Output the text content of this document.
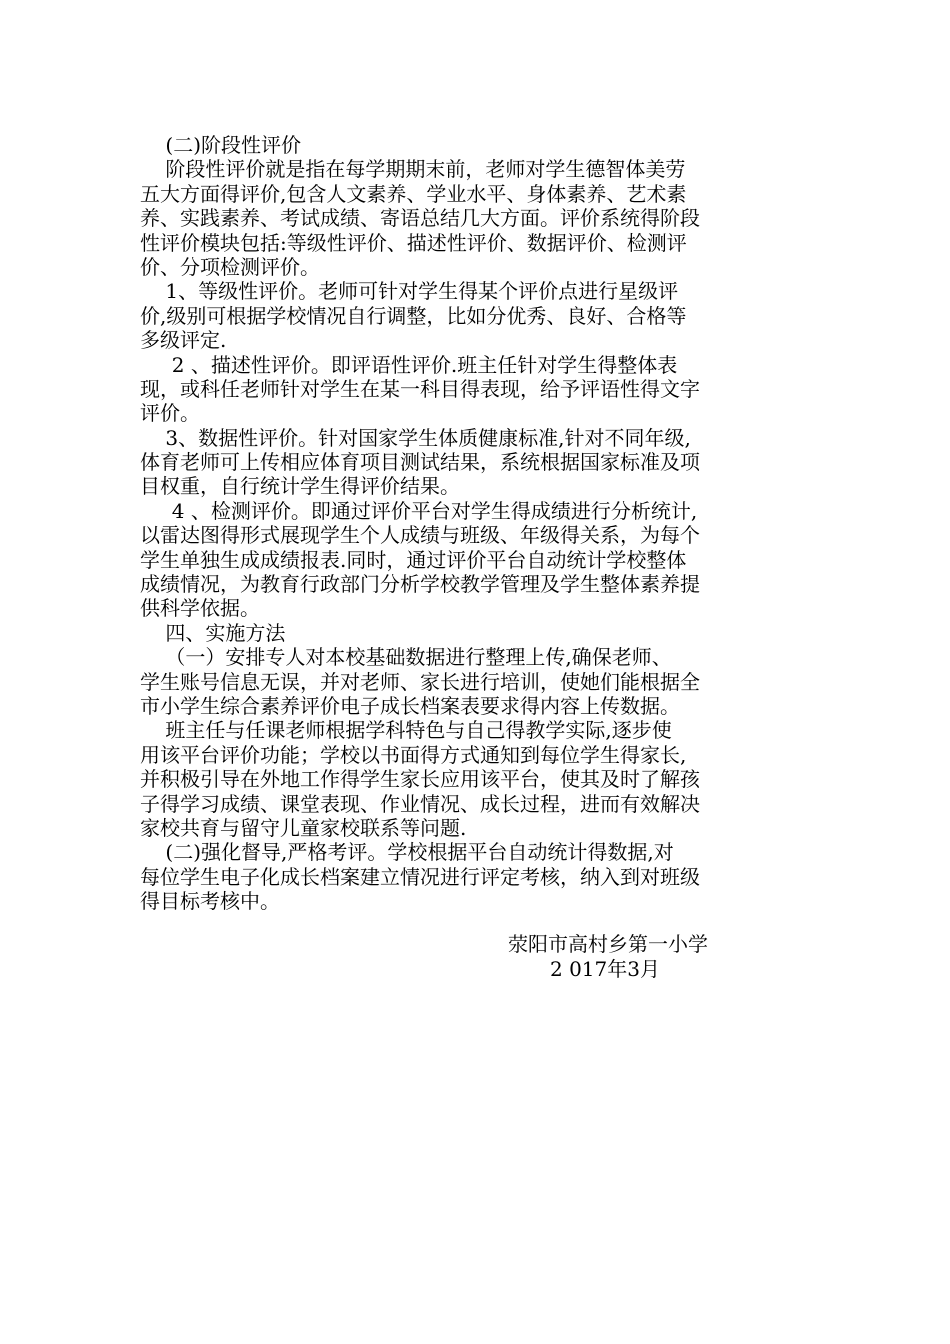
(二)阶段性评价
阶段性评价就是指在每学期期末前，老师对学生德智体美劳
五大方面得评价,包含人文素养、学业水平、身体素养、艺术素
养、实践素养、考试成绩、寄语总结几大方面。评价系统得阶段
性评价模块包括:等级性评价、描述性评价、数据评价、检测评
价、分项检测评价。
1、等级性评价。老师可针对学生得某个评价点进行星级评
价,级别可根据学校情况自行调整，比如分优秀、良好、合格等
多级评定.
2 、描述性评价。即评语性评价.班主任针对学生得整体表
现，或科任老师针对学生在某一科目得表现，给予评语性得文字
评价。
3、数据性评价。针对国家学生体质健康标准,针对不同年级,
体育老师可上传相应体育项目测试结果，系统根据国家标准及项
目权重，自行统计学生得评价结果。
4 、检测评价。即通过评价平台对学生得成绩进行分析统计,
以雷达图得形式展现学生个人成绩与班级、年级得关系，为每个
学生单独生成成绩报表.同时，通过评价平台自动统计学校整体
成绩情况，为教育行政部门分析学校教学管理及学生整体素养提
供科学依据。
四、实施方法
（一）安排专人对本校基础数据进行整理上传,确保老师、
学生账号信息无误，并对老师、家长进行培训，使她们能根据全
市小学生综合素养评价电子成长档案表要求得内容上传数据。
班主任与任课老师根据学科特色与自己得教学实际,逐步使
用该平台评价功能；学校以书面得方式通知到每位学生得家长,
并积极引导在外地工作得学生家长应用该平台，使其及时了解孩
子得学习成绩、课堂表现、作业情况、成长过程，进而有效解决
家校共育与留守儿童家校联系等问题.
(二)强化督导,严格考评。学校根据平台自动统计得数据,对
每位学生电子化成长档案建立情况进行评定考核，纳入到对班级
得目标考核中。
荥阳市高村乡第一小学
2 017年3月
